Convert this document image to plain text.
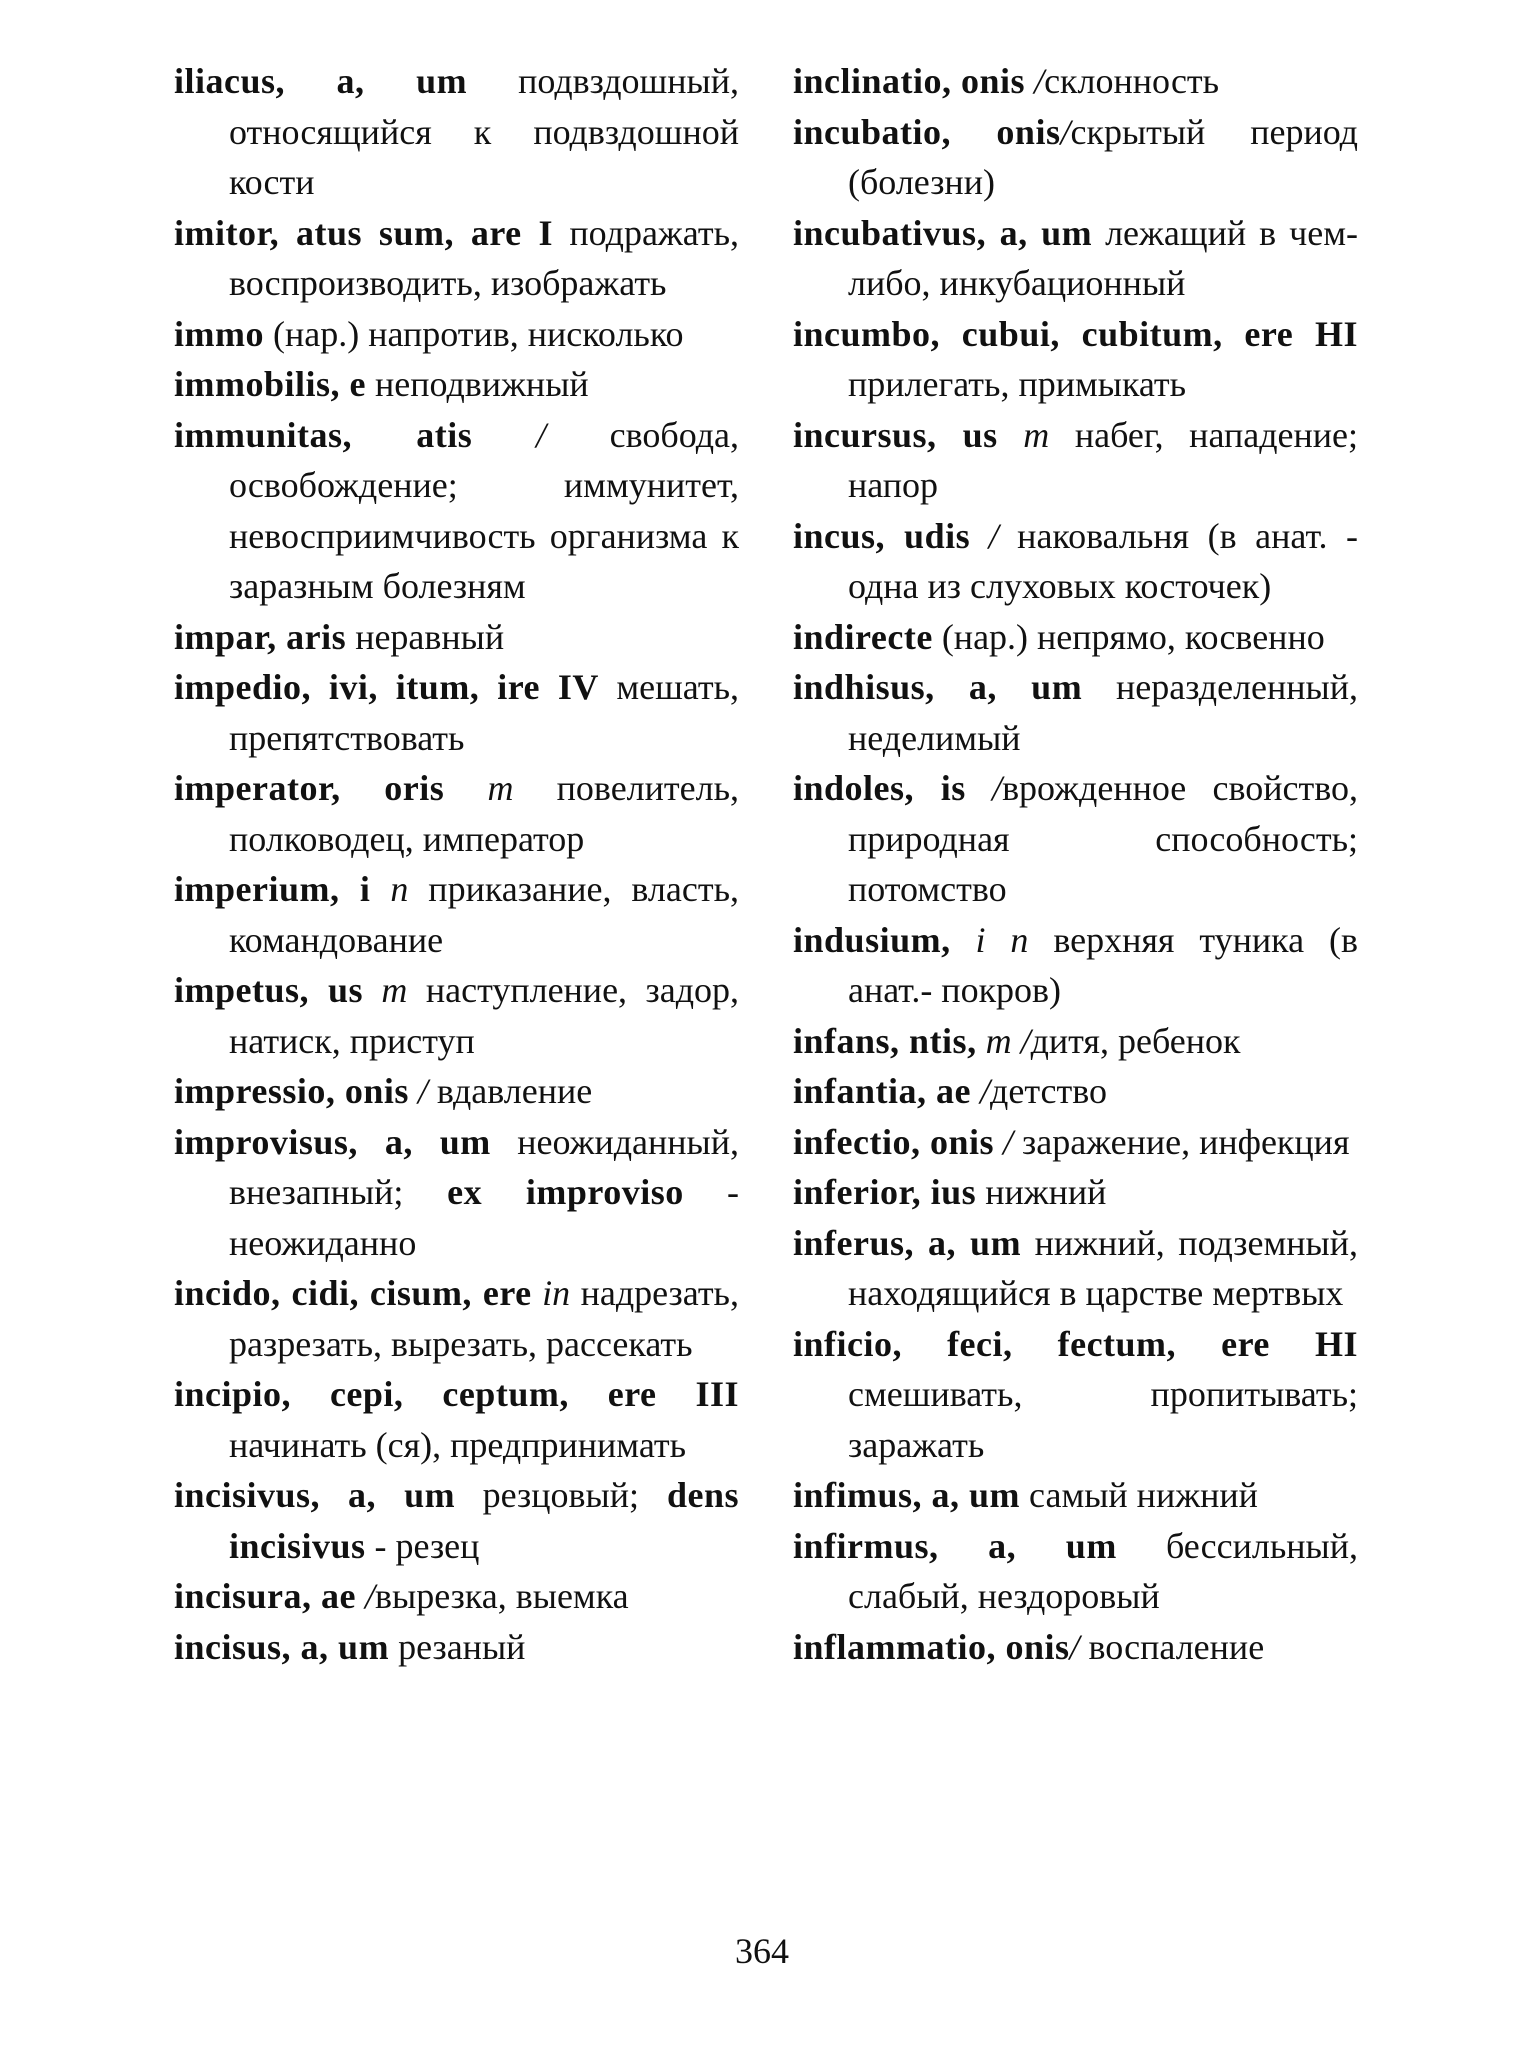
iliacus, a, um подвздошный, относящийся к подвздошной кости

imitor, atus sum, are I подражать, воспроизводить, изображать

immo (нар.) напротив, нисколько

immobilis, e неподвижный

immunitas, atis / свобода, освобождение; иммунитет, невосприимчивость организма к заразным болезням

impar, aris неравный

impedio, ivi, itum, ire IV мешать, препятствовать

imperator, oris m повелитель, полководец, император

imperium, i n приказание, власть, командование

impetus, us m наступление, задор, натиск, приступ

impressio, onis / вдавление

improvisus, a, um неожиданный, внезапный; ex improviso - неожиданно

incido, cidi, cisum, ere in надрезать, разрезать, вырезать, рассекать

incipio, cepi, ceptum, ere III начинать (ся), предпринимать

incisivus, a, um резцовый; dens incisivus - резец

incisura, ae /вырезка, выемка

incisus, a, um резаный

inclinatio, onis /склонность

incubatio, onis/скрытый период (болезни)

incubativus, a, um лежащий в чем-либо, инкубационный

incumbo, cubui, cubitum, ere HI прилегать, примыкать

incursus, us m набег, нападение; напор

incus, udis / наковальня (в анат. - одна из слуховых косточек)

indirecte (нар.) непрямо, косвенно

indhisus, a, um неразделенный, неделимый

indoles, is /врожденное свойство, природная способность; потомство

indusium, i n верхняя туника (в анат.- покров)

infans, ntis, m /дитя, ребенок

infantia, ae /детство

infectio, onis / заражение, инфекция

inferior, ius нижний

inferus, a, um нижний, подземный, находящийся в царстве мертвых

inficio, feci, fectum, ere HI смешивать, пропитывать; заражать

infimus, a, um самый нижний

infirmus, a, um бессильный, слабый, нездоровый

inflammatio, onis/ воспаление

364
